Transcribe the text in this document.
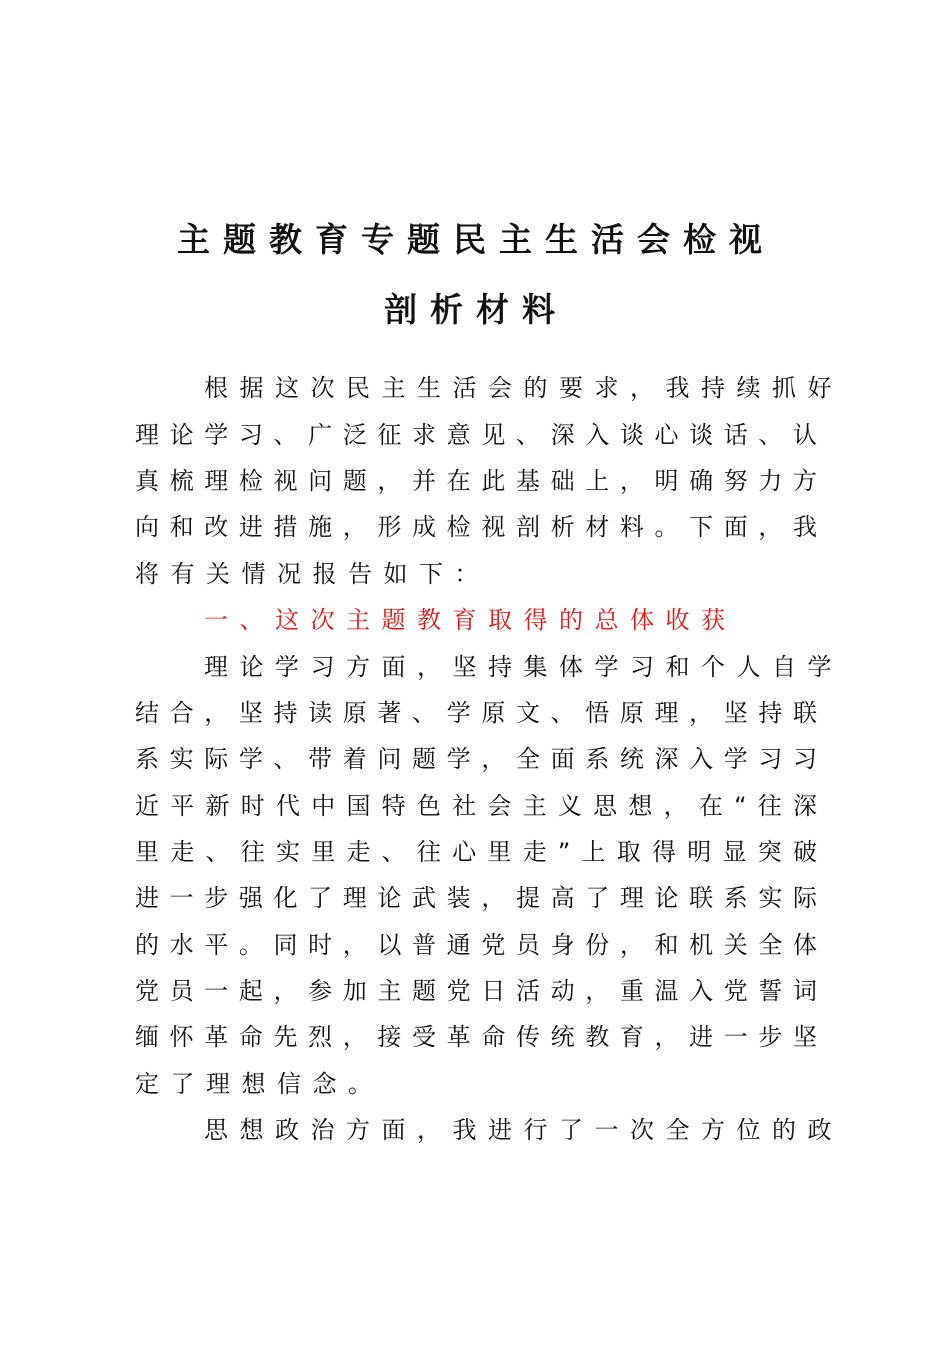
主题教育专题民主生活会检视
剖析材料
根据这次民主生活会的要求，我持续抓好
理论学习、广泛征求意见、深入谈心谈话、认
真梳理检视问题，并在此基础上，明确努力方
向和改进措施，形成检视剖析材料。下面，我
将有关情况报告如下：
一、这次主题教育取得的总体收获
理论学习方面，坚持集体学习和个人自学
结合，坚持读原著、学原文、悟原理，坚持联
系实际学、带着问题学，全面系统深入学习习
近平新时代中国特色社会主义思想，在“往深
里走、往实里走、往心里走”上取得明显突破
进一步强化了理论武装，提高了理论联系实际
的水平。同时，以普通党员身份，和机关全体
党员一起，参加主题党日活动，重温入党誓词
缅怀革命先烈，接受革命传统教育，进一步坚
定了理想信念。
思想政治方面，我进行了一次全方位的政
